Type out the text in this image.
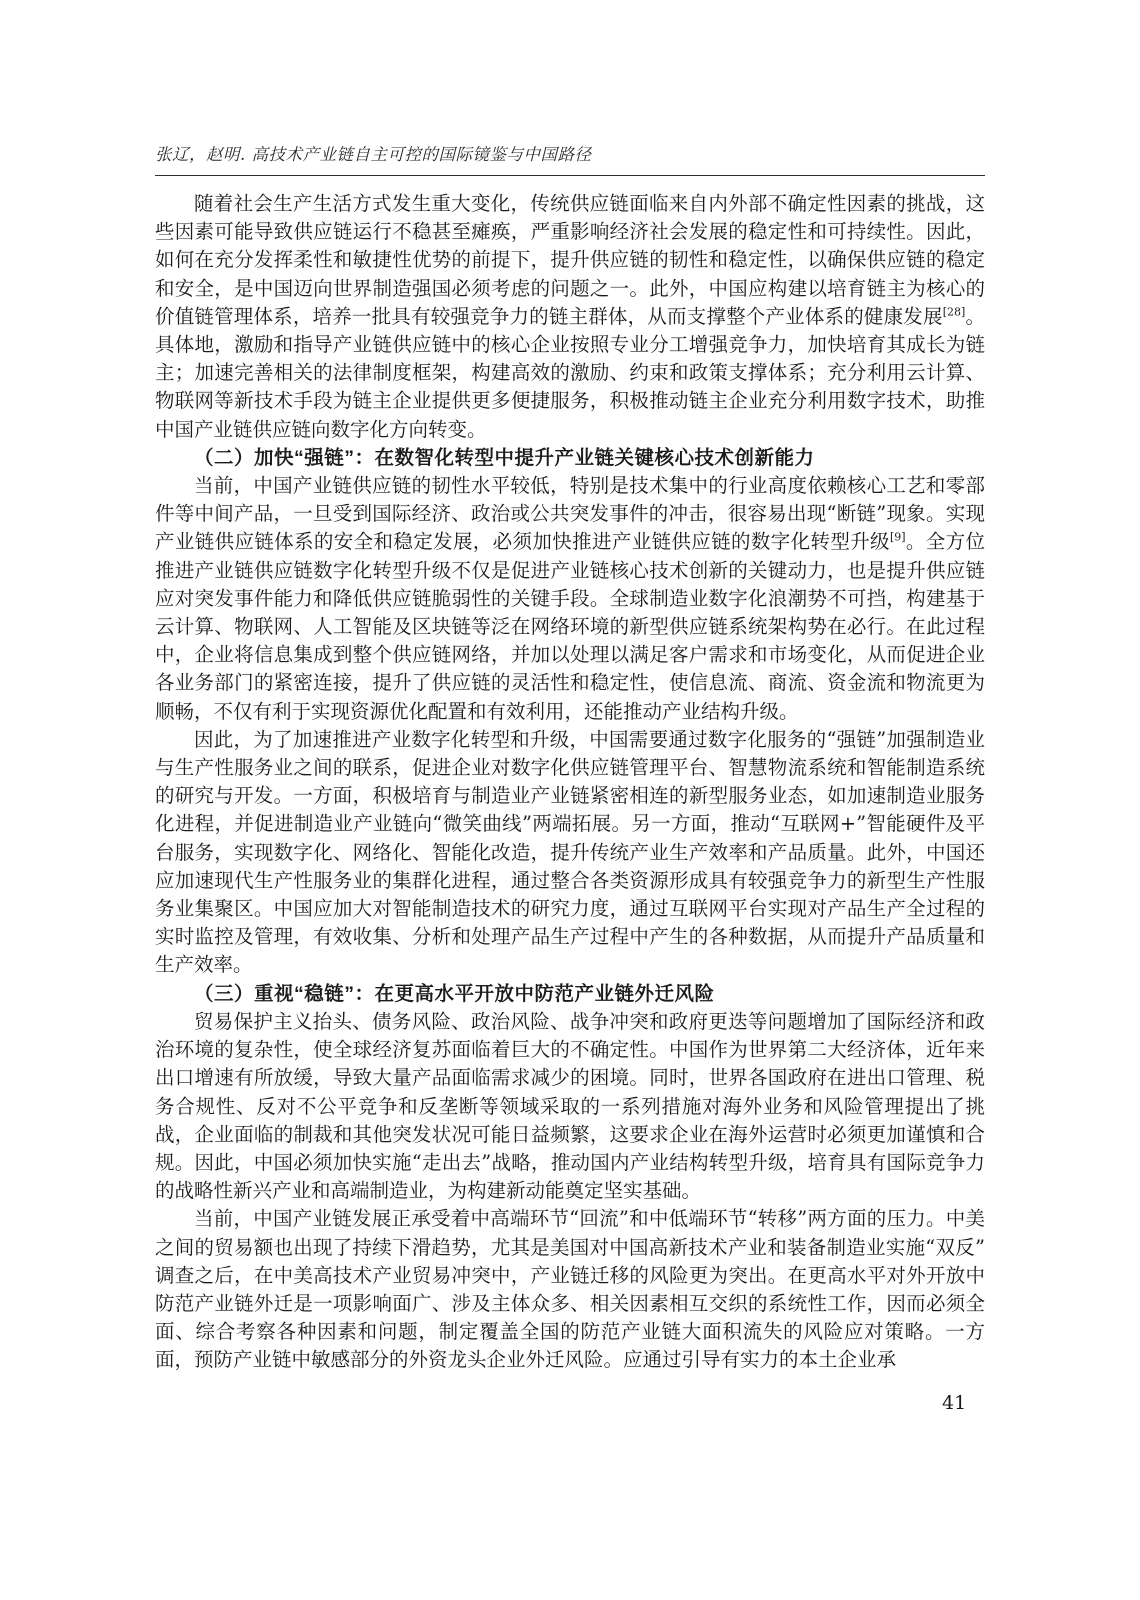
张辽，赵明. 高技术产业链自主可控的国际镜鉴与中国路径

随着社会生产生活方式发生重大变化，传统供应链面临来自内外部不确定性因素的挑战，这些因素可能导致供应链运行不稳甚至瘫痪，严重影响经济社会发展的稳定性和可持续性。因此，如何在充分发挥柔性和敏捷性优势的前提下，提升供应链的韧性和稳定性，以确保供应链的稳定和安全，是中国迈向世界制造强国必须考虑的问题之一。此外，中国应构建以培育链主为核心的价值链管理体系，培养一批具有较强竞争力的链主群体，从而支撑整个产业体系的健康发展[28]。具体地，激励和指导产业链供应链中的核心企业按照专业分工增强竞争力，加快培育其成长为链主；加速完善相关的法律制度框架，构建高效的激励、约束和政策支撑体系；充分利用云计算、物联网等新技术手段为链主企业提供更多便捷服务，积极推动链主企业充分利用数字技术，助推中国产业链供应链向数字化方向转变。

（二）加快“强链”：在数智化转型中提升产业链关键核心技术创新能力

当前，中国产业链供应链的韧性水平较低，特别是技术集中的行业高度依赖核心工艺和零部件等中间产品，一旦受到国际经济、政治或公共突发事件的冲击，很容易出现“断链”现象。实现产业链供应链体系的安全和稳定发展，必须加快推进产业链供应链的数字化转型升级[9]。全方位推进产业链供应链数字化转型升级不仅是促进产业链核心技术创新的关键动力，也是提升供应链应对突发事件能力和降低供应链脆弱性的关键手段。全球制造业数字化浪潮势不可挡，构建基于云计算、物联网、人工智能及区块链等泛在网络环境的新型供应链系统架构势在必行。在此过程中，企业将信息集成到整个供应链网络，并加以处理以满足客户需求和市场变化，从而促进企业各业务部门的紧密连接，提升了供应链的灵活性和稳定性，使信息流、商流、资金流和物流更为顺畅，不仅有利于实现资源优化配置和有效利用，还能推动产业结构升级。

因此，为了加速推进产业数字化转型和升级，中国需要通过数字化服务的“强链”加强制造业与生产性服务业之间的联系，促进企业对数字化供应链管理平台、智慧物流系统和智能制造系统的研究与开发。一方面，积极培育与制造业产业链紧密相连的新型服务业态，如加速制造业服务化进程，并促进制造业产业链向“微笑曲线”两端拓展。另一方面，推动“互联网+”智能硬件及平台服务，实现数字化、网络化、智能化改造，提升传统产业生产效率和产品质量。此外，中国还应加速现代生产性服务业的集群化进程，通过整合各类资源形成具有较强竞争力的新型生产性服务业集聚区。中国应加大对智能制造技术的研究力度，通过互联网平台实现对产品生产全过程的实时监控及管理，有效收集、分析和处理产品生产过程中产生的各种数据，从而提升产品质量和生产效率。

（三）重视“稳链”：在更高水平开放中防范产业链外迁风险

贸易保护主义抬头、债务风险、政治风险、战争冲突和政府更迭等问题增加了国际经济和政治环境的复杂性，使全球经济复苏面临着巨大的不确定性。中国作为世界第二大经济体，近年来出口增速有所放缓，导致大量产品面临需求减少的困境。同时，世界各国政府在进出口管理、税务合规性、反对不公平竞争和反垄断等领域采取的一系列措施对海外业务和风险管理提出了挑战，企业面临的制裁和其他突发状况可能日益频繁，这要求企业在海外运营时必须更加谨慎和合规。因此，中国必须加快实施“走出去”战略，推动国内产业结构转型升级，培育具有国际竞争力的战略性新兴产业和高端制造业，为构建新动能奠定坚实基础。

当前，中国产业链发展正承受着中高端环节“回流”和中低端环节“转移”两方面的压力。中美之间的贸易额也出现了持续下滑趋势，尤其是美国对中国高新技术产业和装备制造业实施“双反”调查之后，在中美高技术产业贸易冲突中，产业链迁移的风险更为突出。在更高水平对外开放中防范产业链外迁是一项影响面广、涉及主体众多、相关因素相互交织的系统性工作，因而必须全面、综合考察各种因素和问题，制定覆盖全国的防范产业链大面积流失的风险应对策略。一方面，预防产业链中敏感部分的外资龙头企业外迁风险。应通过引导有实力的本土企业承

41
